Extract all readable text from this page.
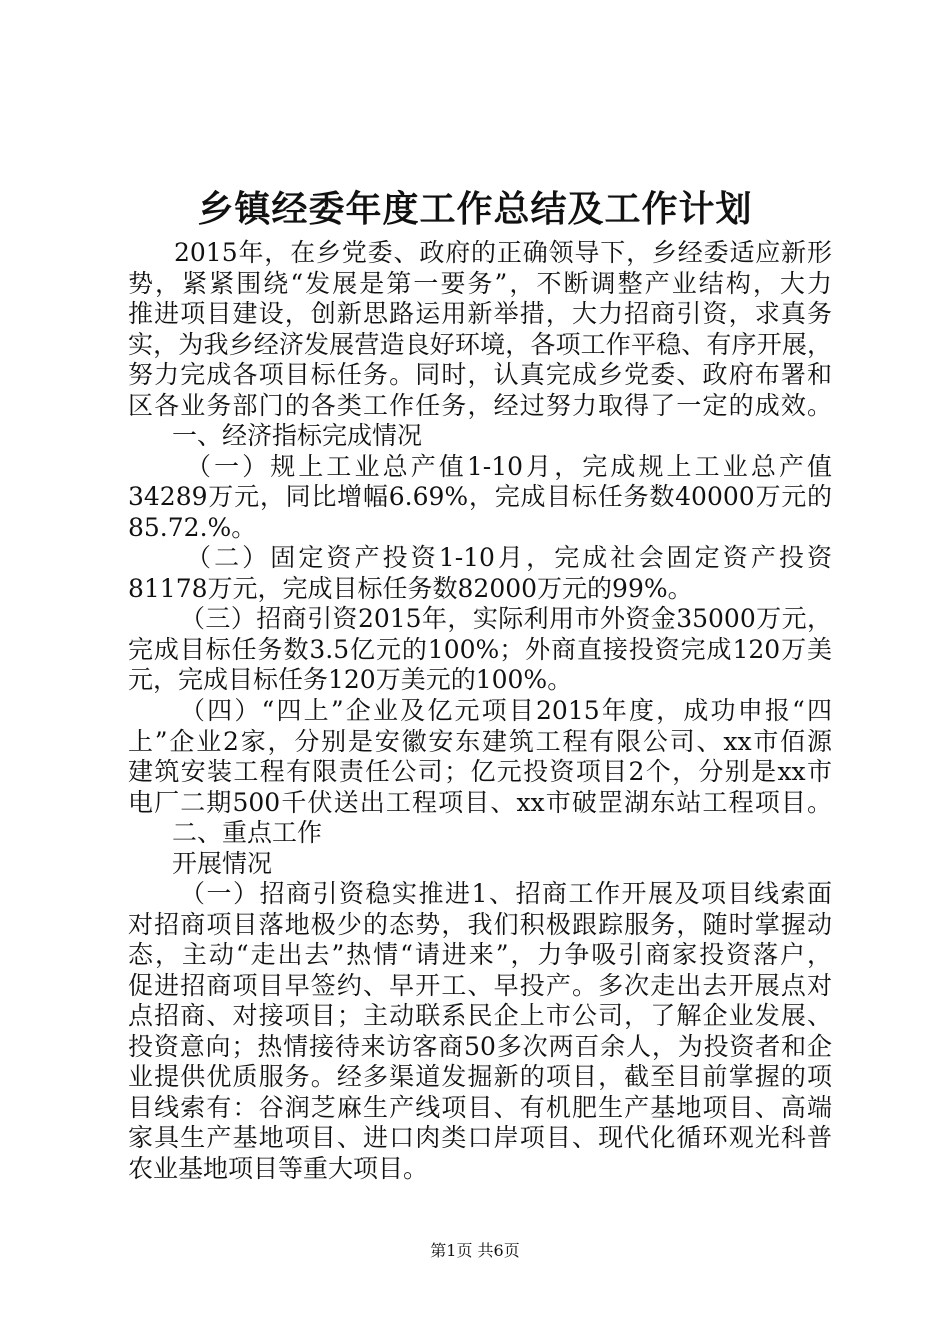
乡镇经委年度工作总结及工作计划
2015年，在乡党委、政府的正确领导下，乡经委适应新形
势，紧紧围绕“发展是第一要务”，不断调整产业结构，大力
推进项目建设，创新思路运用新举措，大力招商引资，求真务
实，为我乡经济发展营造良好环境，各项工作平稳、有序开展，
努力完成各项目标任务。同时，认真完成乡党委、政府布署和
区各业务部门的各类工作任务，经过努力取得了一定的成效。
一、经济指标完成情况
（一）规上工业总产值1-10月，完成规上工业总产值
34289万元，同比增幅6.69%，完成目标任务数40000万元的
85.72.%。
（二）固定资产投资1-10月，完成社会固定资产投资
81178万元，完成目标任务数82000万元的99%。
（三）招商引资2015年，实际利用市外资金35000万元，
完成目标任务数3.5亿元的100%；外商直接投资完成120万美
元，完成目标任务120万美元的100%。
（四）“四上”企业及亿元项目2015年度，成功申报“四
上”企业2家，分别是安徽安东建筑工程有限公司、xx市佰源
建筑安装工程有限责任公司；亿元投资项目2个，分别是xx市
电厂二期500千伏送出工程项目、xx市破罡湖东站工程项目。
二、重点工作
开展情况
（一）招商引资稳实推进1、招商工作开展及项目线索面
对招商项目落地极少的态势，我们积极跟踪服务，随时掌握动
态，主动“走出去”热情“请进来”，力争吸引商家投资落户，
促进招商项目早签约、早开工、早投产。多次走出去开展点对
点招商、对接项目；主动联系民企上市公司，了解企业发展、
投资意向；热情接待来访客商50多次两百余人，为投资者和企
业提供优质服务。经多渠道发掘新的项目，截至目前掌握的项
目线索有：谷润芝麻生产线项目、有机肥生产基地项目、高端
家具生产基地项目、进口肉类口岸项目、现代化循环观光科普
农业基地项目等重大项目。
第1页 共6页
